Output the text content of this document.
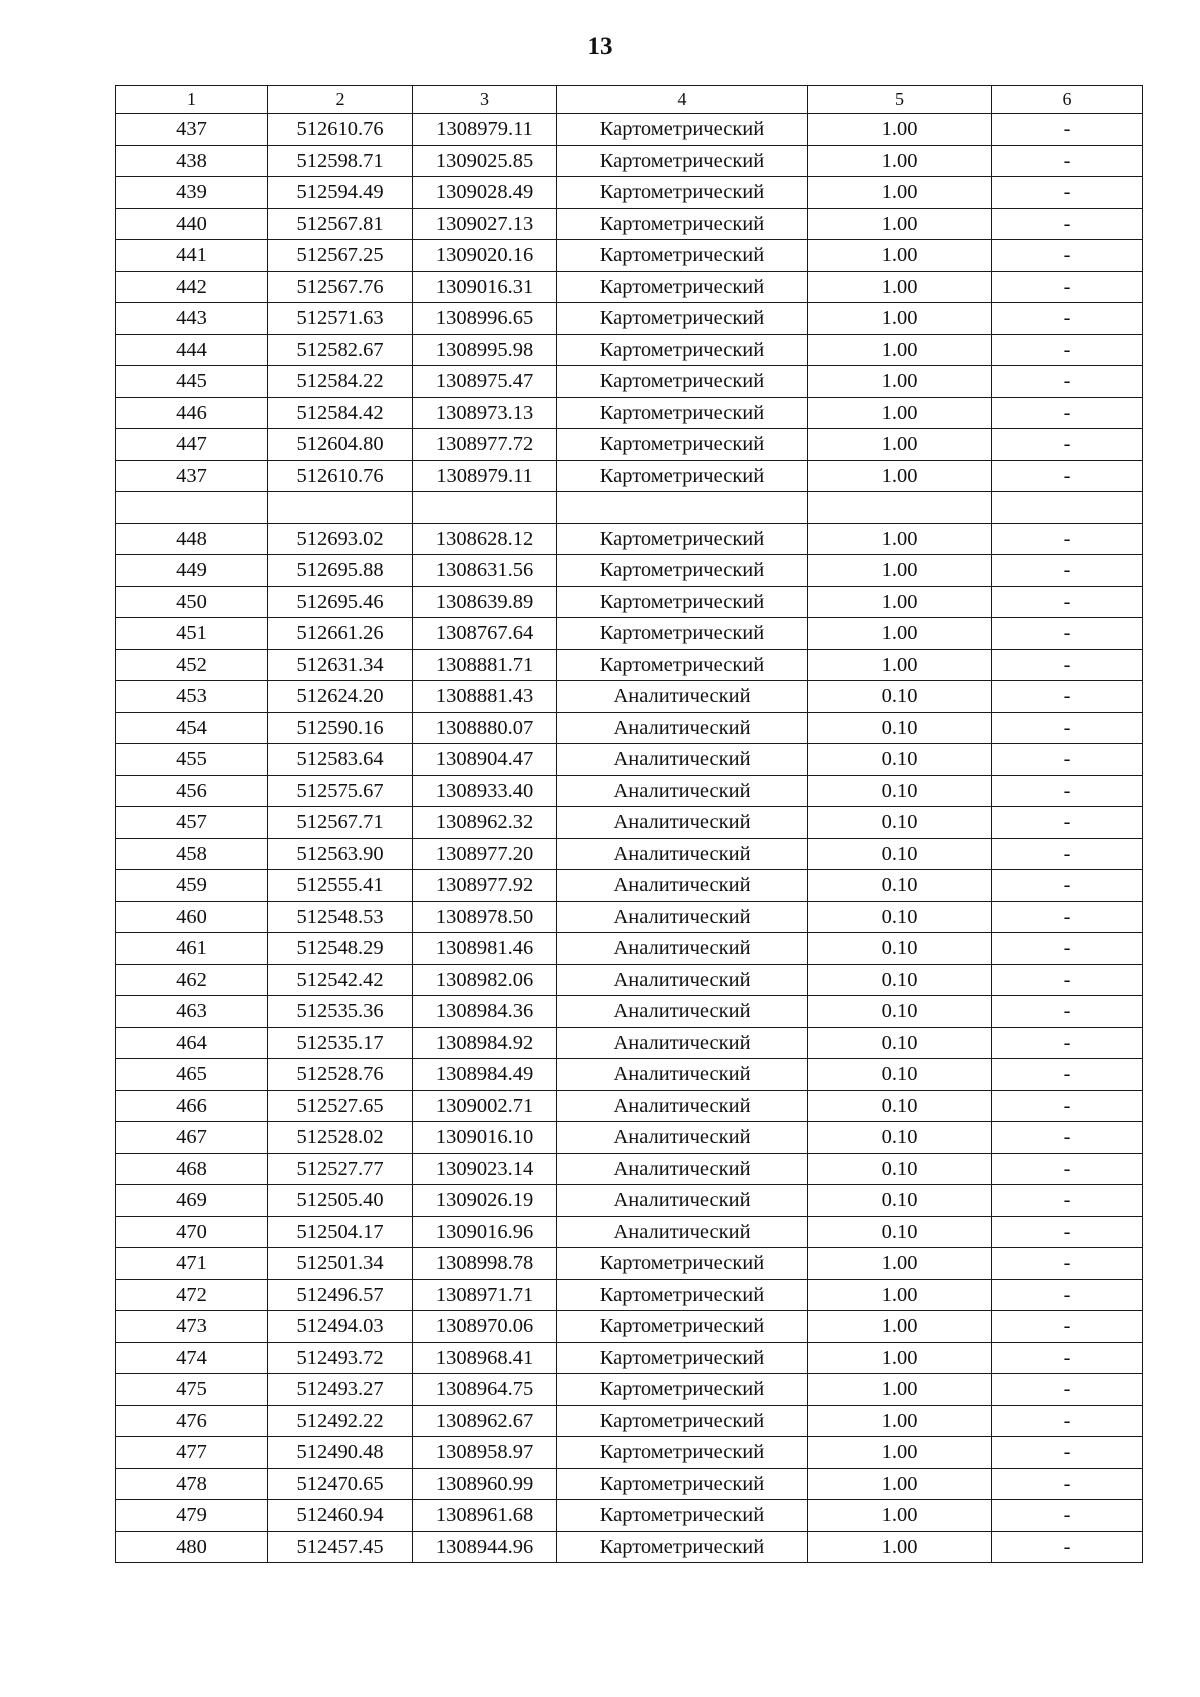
13
1	2	3	4	5	6
437	512610.76	1308979.11	Картометрический	1.00	-
438	512598.71	1309025.85	Картометрический	1.00	-
439	512594.49	1309028.49	Картометрический	1.00	-
440	512567.81	1309027.13	Картометрический	1.00	-
441	512567.25	1309020.16	Картометрический	1.00	-
442	512567.76	1309016.31	Картометрический	1.00	-
443	512571.63	1308996.65	Картометрический	1.00	-
444	512582.67	1308995.98	Картометрический	1.00	-
445	512584.22	1308975.47	Картометрический	1.00	-
446	512584.42	1308973.13	Картометрический	1.00	-
447	512604.80	1308977.72	Картометрический	1.00	-
437	512610.76	1308979.11	Картометрический	1.00	-

448	512693.02	1308628.12	Картометрический	1.00	-
449	512695.88	1308631.56	Картометрический	1.00	-
450	512695.46	1308639.89	Картометрический	1.00	-
451	512661.26	1308767.64	Картометрический	1.00	-
452	512631.34	1308881.71	Картометрический	1.00	-
453	512624.20	1308881.43	Аналитический	0.10	-
454	512590.16	1308880.07	Аналитический	0.10	-
455	512583.64	1308904.47	Аналитический	0.10	-
456	512575.67	1308933.40	Аналитический	0.10	-
457	512567.71	1308962.32	Аналитический	0.10	-
458	512563.90	1308977.20	Аналитический	0.10	-
459	512555.41	1308977.92	Аналитический	0.10	-
460	512548.53	1308978.50	Аналитический	0.10	-
461	512548.29	1308981.46	Аналитический	0.10	-
462	512542.42	1308982.06	Аналитический	0.10	-
463	512535.36	1308984.36	Аналитический	0.10	-
464	512535.17	1308984.92	Аналитический	0.10	-
465	512528.76	1308984.49	Аналитический	0.10	-
466	512527.65	1309002.71	Аналитический	0.10	-
467	512528.02	1309016.10	Аналитический	0.10	-
468	512527.77	1309023.14	Аналитический	0.10	-
469	512505.40	1309026.19	Аналитический	0.10	-
470	512504.17	1309016.96	Аналитический	0.10	-
471	512501.34	1308998.78	Картометрический	1.00	-
472	512496.57	1308971.71	Картометрический	1.00	-
473	512494.03	1308970.06	Картометрический	1.00	-
474	512493.72	1308968.41	Картометрический	1.00	-
475	512493.27	1308964.75	Картометрический	1.00	-
476	512492.22	1308962.67	Картометрический	1.00	-
477	512490.48	1308958.97	Картометрический	1.00	-
478	512470.65	1308960.99	Картометрический	1.00	-
479	512460.94	1308961.68	Картометрический	1.00	-
480	512457.45	1308944.96	Картометрический	1.00	-
